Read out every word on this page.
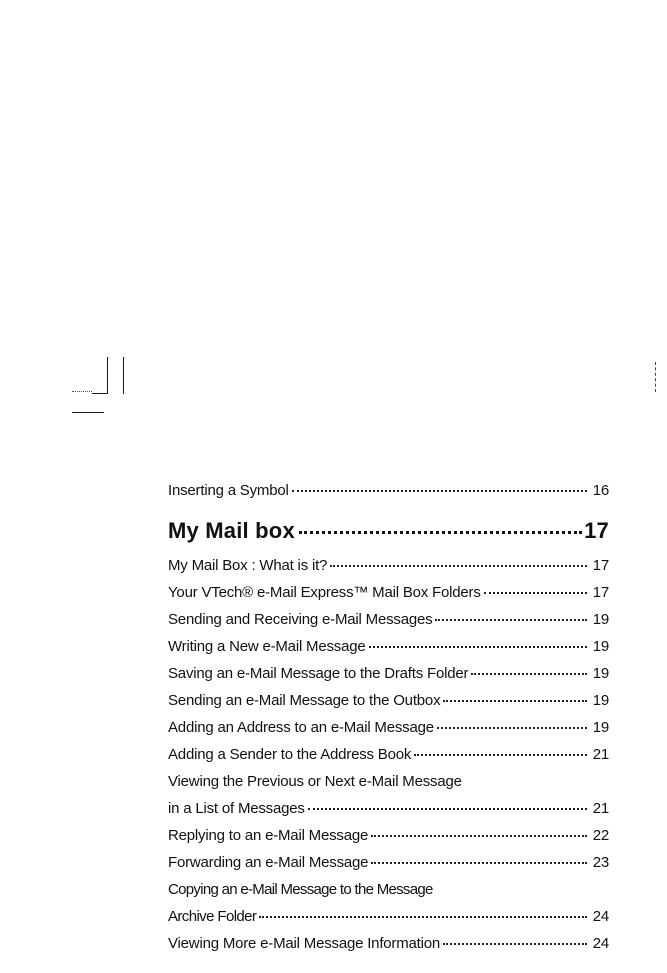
Inserting a Symbol	16
My Mail box	17
My Mail Box : What is it?	17
Your VTech® e-Mail Express™ Mail Box Folders	17
Sending and Receiving e-Mail Messages	19
Writing a New e-Mail Message	19
Saving an e-Mail Message to the Drafts Folder	19
Sending an e-Mail Message to the Outbox	19
Adding an Address to an e-Mail Message	19
Adding a Sender to the Address Book	21
Viewing the Previous or Next e-Mail Message
in a List of Messages	21
Replying to an e-Mail Message	22
Forwarding an e-Mail Message	23
Copying an e-Mail Message to the Message
Archive Folder	24
Viewing More e-Mail Message Information	24
